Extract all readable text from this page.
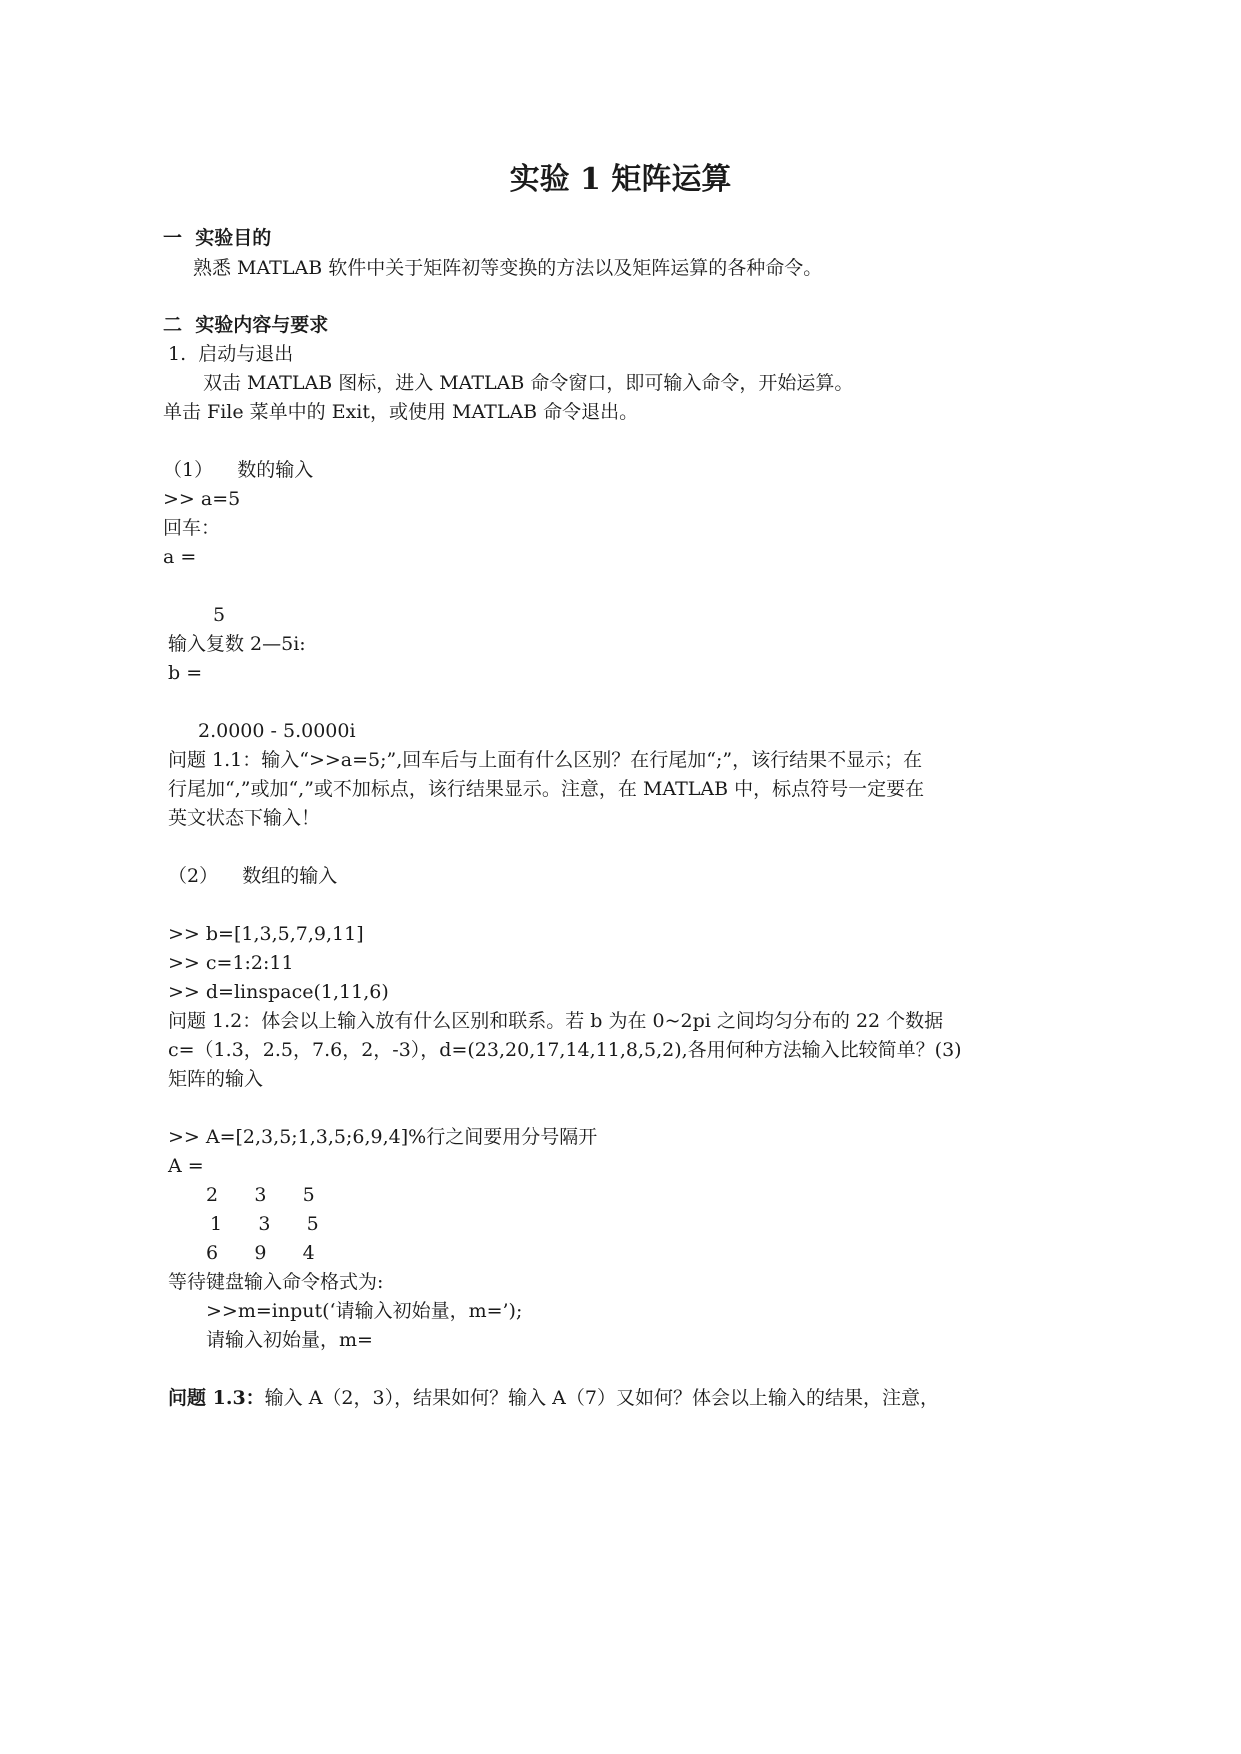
实验 1 矩阵运算
一  实验目的
熟悉 MATLAB 软件中关于矩阵初等变换的方法以及矩阵运算的各种命令。
二  实验内容与要求
1.  启动与退出
双击 MATLAB 图标，进入 MATLAB 命令窗口，即可输入命令，开始运算。
单击 File 菜单中的 Exit，或使用 MATLAB 命令退出。
（1）    数的输入
>> a=5
回车：
a =
5
输入复数 2—5i:
b =
2.0000 - 5.0000i
问题 1.1：输入“>>a=5;”,回车后与上面有什么区别？在行尾加“;”，该行结果不显示；在
行尾加“,”或加“,”或不加标点，该行结果显示。注意，在 MATLAB 中，标点符号一定要在
英文状态下输入！
（2）    数组的输入
>> b=[1,3,5,7,9,11]
>> c=1:2:11
>> d=linspace(1,11,6)
问题 1.2：体会以上输入放有什么区别和联系。若 b 为在 0~2pi 之间均匀分布的 22 个数据
c=（1.3，2.5，7.6，2，-3），d=(23,20,17,14,11,8,5,2),各用何种方法输入比较简单？(3)
矩阵的输入
>> A=[2,3,5;1,3,5;6,9,4]%行之间要用分号隔开
A =
2      3      5
1      3      5
6      9      4
等待键盘输入命令格式为:
>>m=input(‘请输入初始量，m=’);
请输入初始量，m=
问题 1.3：输入 A（2，3），结果如何？输入 A（7）又如何？体会以上输入的结果，注意，
